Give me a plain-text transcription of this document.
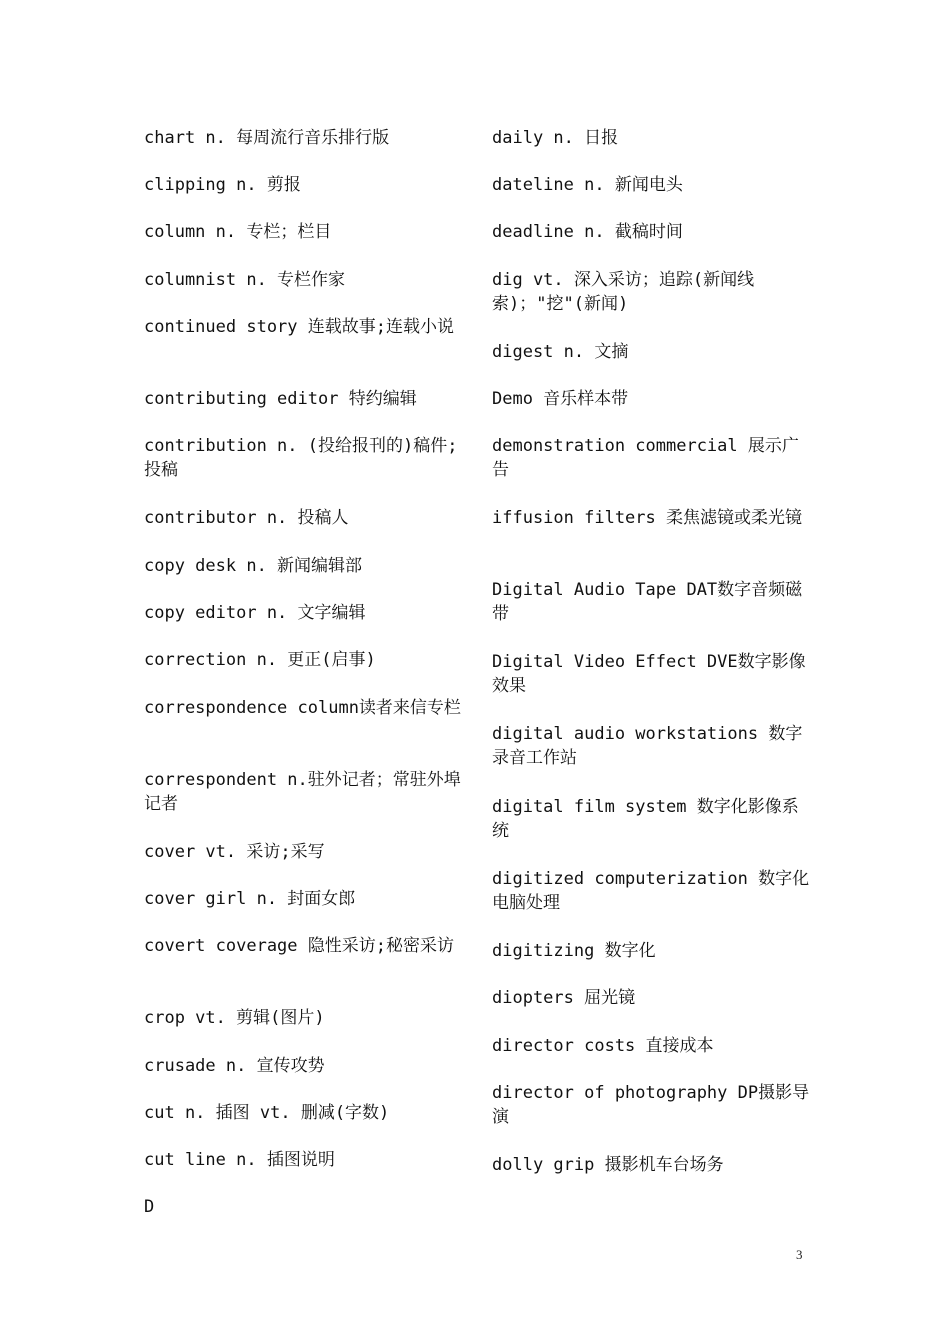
chart n. 每周流行音乐排行版
clipping n. 剪报
column n. 专栏；栏目
columnist n. 专栏作家
continued story 连载故事;连载小说
contributing editor 特约编辑
contribution n. (投给报刊的)稿件;投稿
contributor n. 投稿人
copy desk n. 新闻编辑部
copy editor n. 文字编辑
correction n. 更正(启事)
correspondence column读者来信专栏
correspondent n.驻外记者；常驻外埠记者
cover vt. 采访;采写
cover girl n. 封面女郎
covert coverage 隐性采访;秘密采访
crop vt. 剪辑(图片)
crusade n. 宣传攻势
cut n. 插图 vt. 删减(字数)
cut line n. 插图说明
D
daily n. 日报
dateline n. 新闻电头
deadline n. 截稿时间
dig vt. 深入采访；追踪(新闻线索)；"挖"(新闻)
digest n. 文摘
Demo 音乐样本带
demonstration commercial 展示广告
iffusion filters 柔焦滤镜或柔光镜
Digital Audio Tape DAT数字音频磁带
Digital Video Effect DVE数字影像效果
digital audio workstations 数字录音工作站
digital film system 数字化影像系统
digitized computerization 数字化电脑处理
digitizing 数字化
diopters 屈光镜
director costs 直接成本
director of photography DP摄影导演
dolly grip 摄影机车台场务
3
